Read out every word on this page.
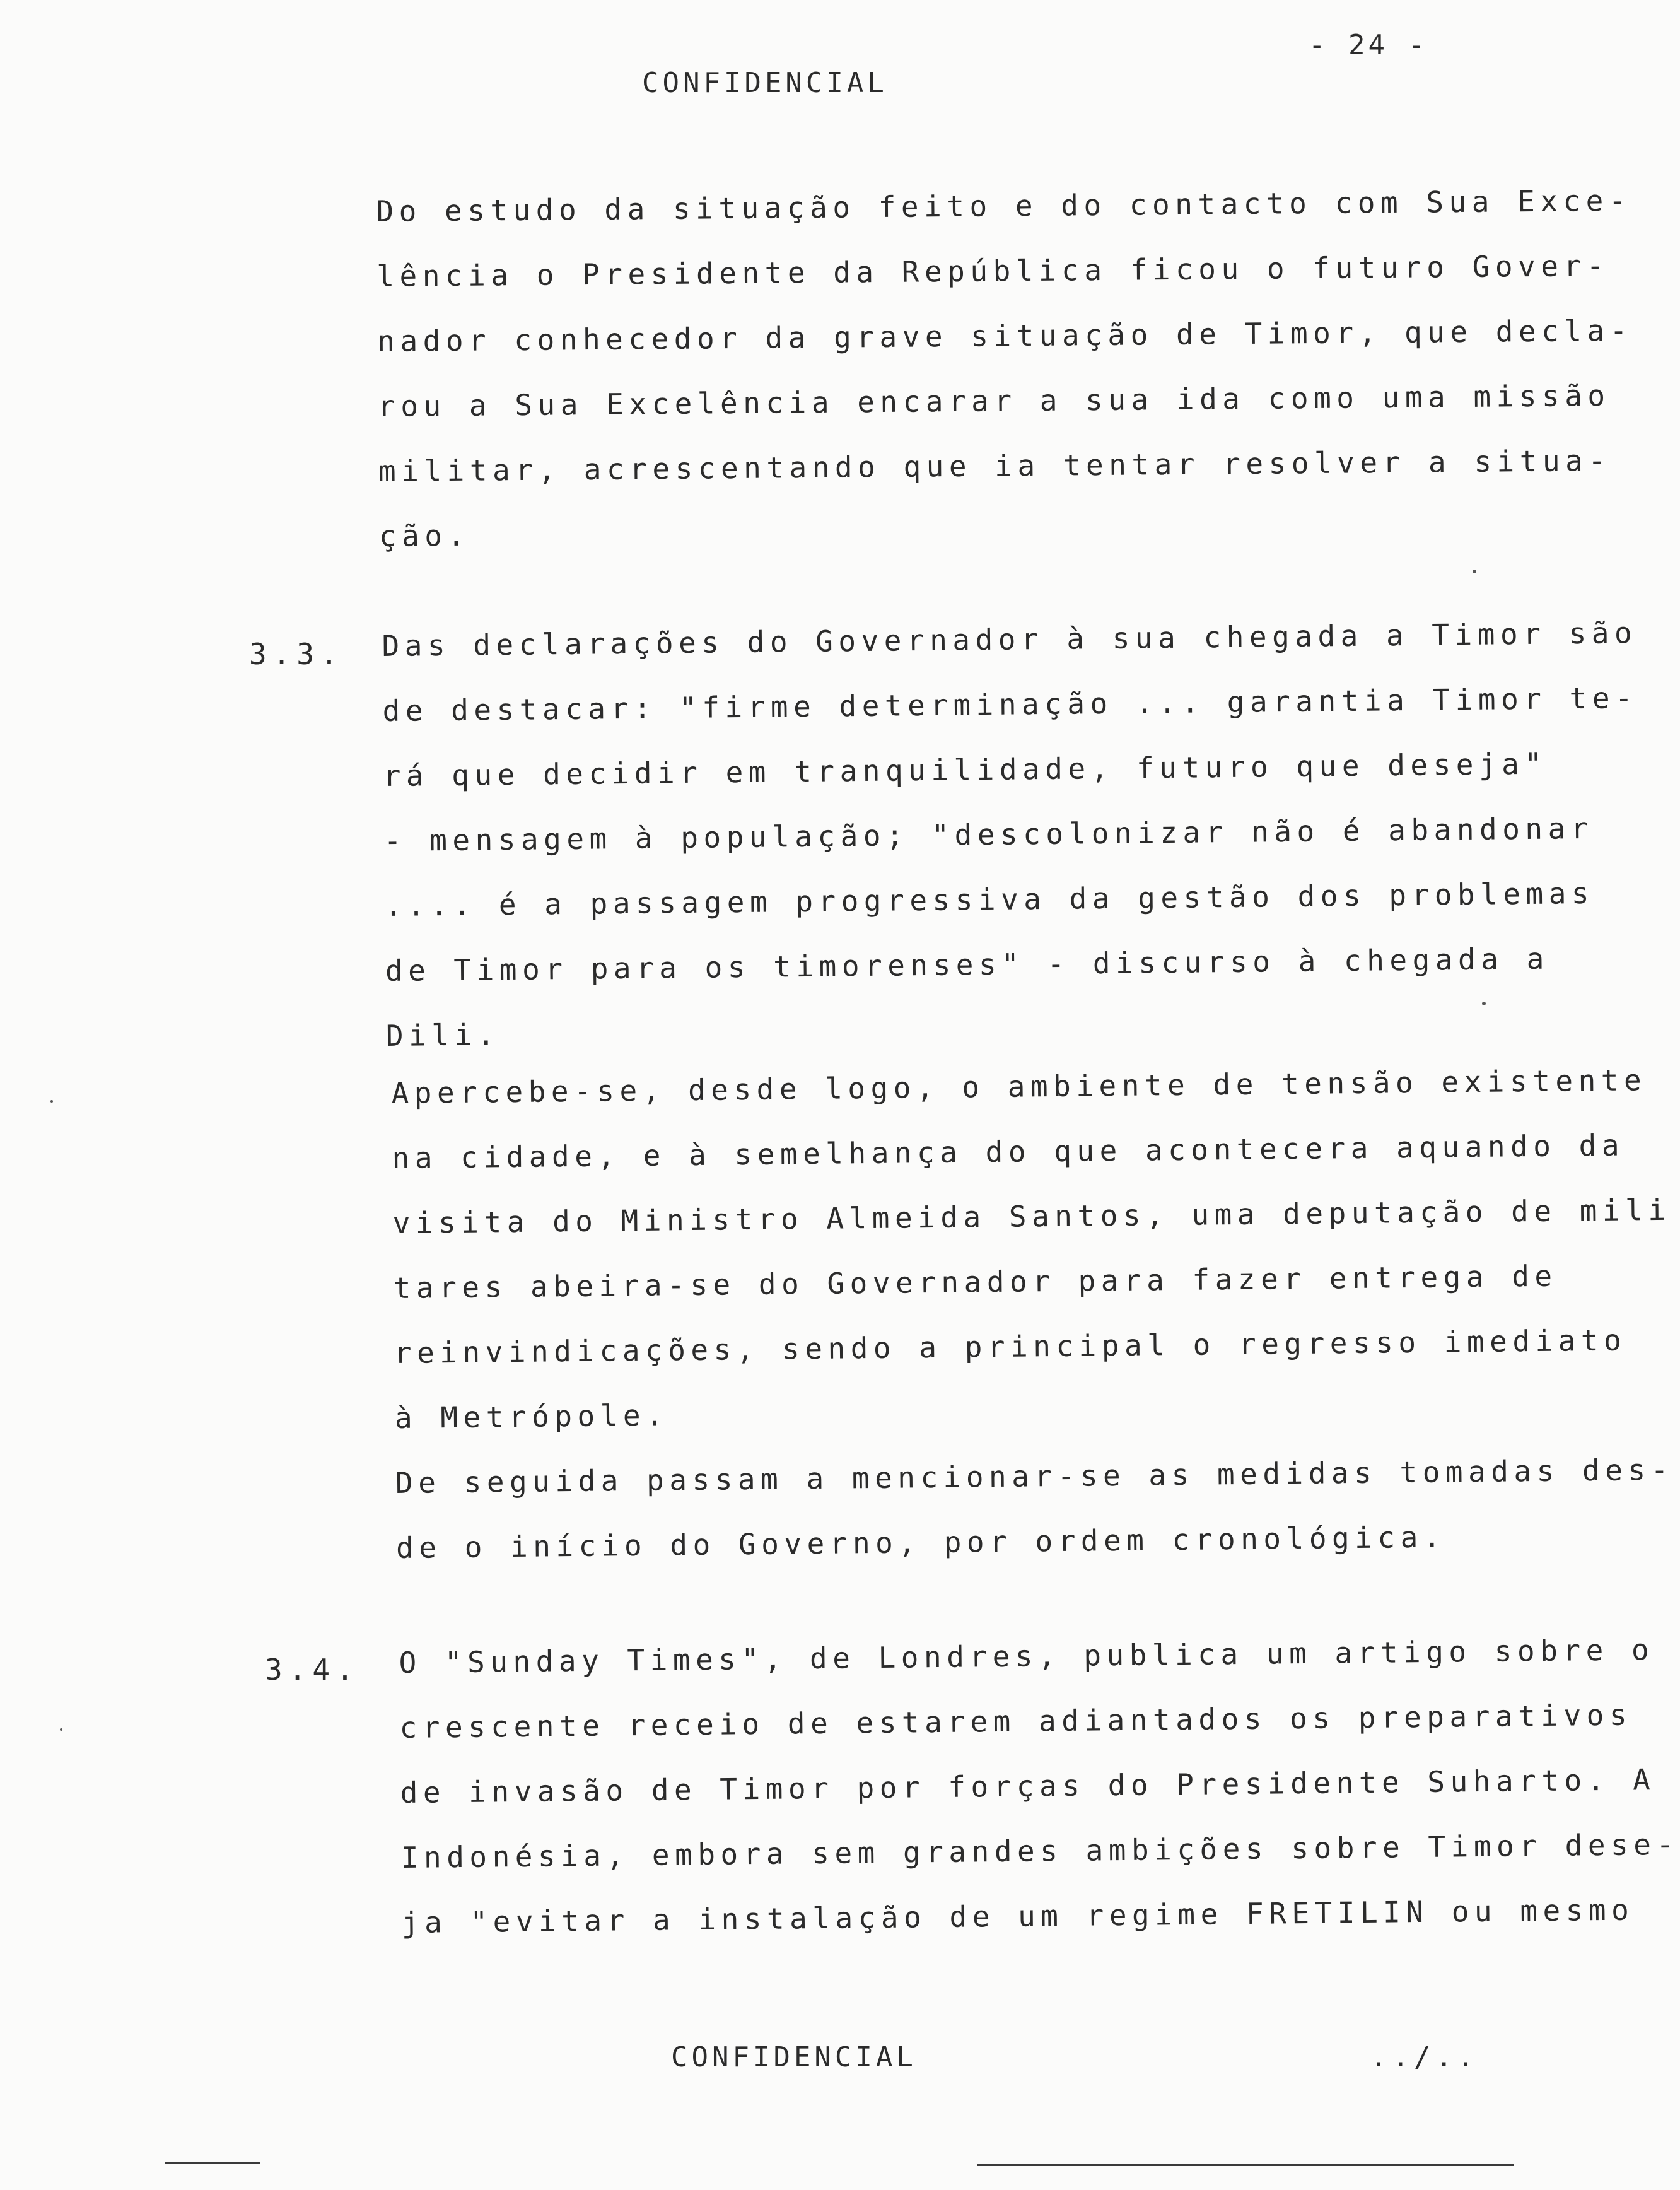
- 24 -
CONFIDENCIAL
Do estudo da situação feito e do contacto com Sua Exce-
lência o Presidente da República ficou o futuro Gover-
nador conhecedor da grave situação de Timor, que decla-
rou a Sua Excelência encarar a sua ida como uma missão
militar, acrescentando que ia tentar resolver a situa-
ção.
3.3. Das declarações do Governador à sua chegada a Timor são
de destacar: "firme determinação ... garantia Timor te-
rá que decidir em tranquilidade, futuro que deseja"
- mensagem à população; "descolonizar não é abandonar
.... é a passagem progressiva da gestão dos problemas
de Timor para os timorenses" - discurso à chegada a
Dili.
Apercebe-se, desde logo, o ambiente de tensão existente
na cidade, e à semelhança do que acontecera aquando da
visita do Ministro Almeida Santos, uma deputação de mili
tares abeira-se do Governador para fazer entrega de
reinvindicações, sendo a principal o regresso imediato
à Metrópole.
De seguida passam a mencionar-se as medidas tomadas des-
de o início do Governo, por ordem cronológica.
3.4. O "Sunday Times", de Londres, publica um artigo sobre o
crescente receio de estarem adiantados os preparativos
de invasão de Timor por forças do Presidente Suharto. A
Indonésia, embora sem grandes ambições sobre Timor dese-
ja "evitar a instalação de um regime FRETILIN ou mesmo
CONFIDENCIAL	../..
